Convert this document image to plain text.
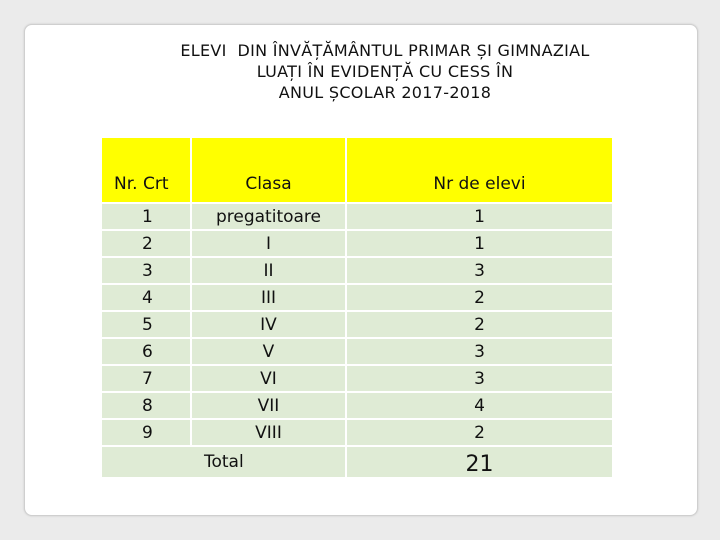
ELEVI  DIN ÎNVĂȚĂMÂNTUL PRIMAR ȘI GIMNAZIAL
LUAȚI ÎN EVIDENȚĂ CU CESS ÎN
ANUL ȘCOLAR 2017-2018
Nr. Crt	Clasa	Nr de elevi
1	pregatitoare	1
2	I	1
3	II	3
4	III	2
5	IV	2
6	V	3
7	VI	3
8	VII	4
9	VIII	2
Total		21
